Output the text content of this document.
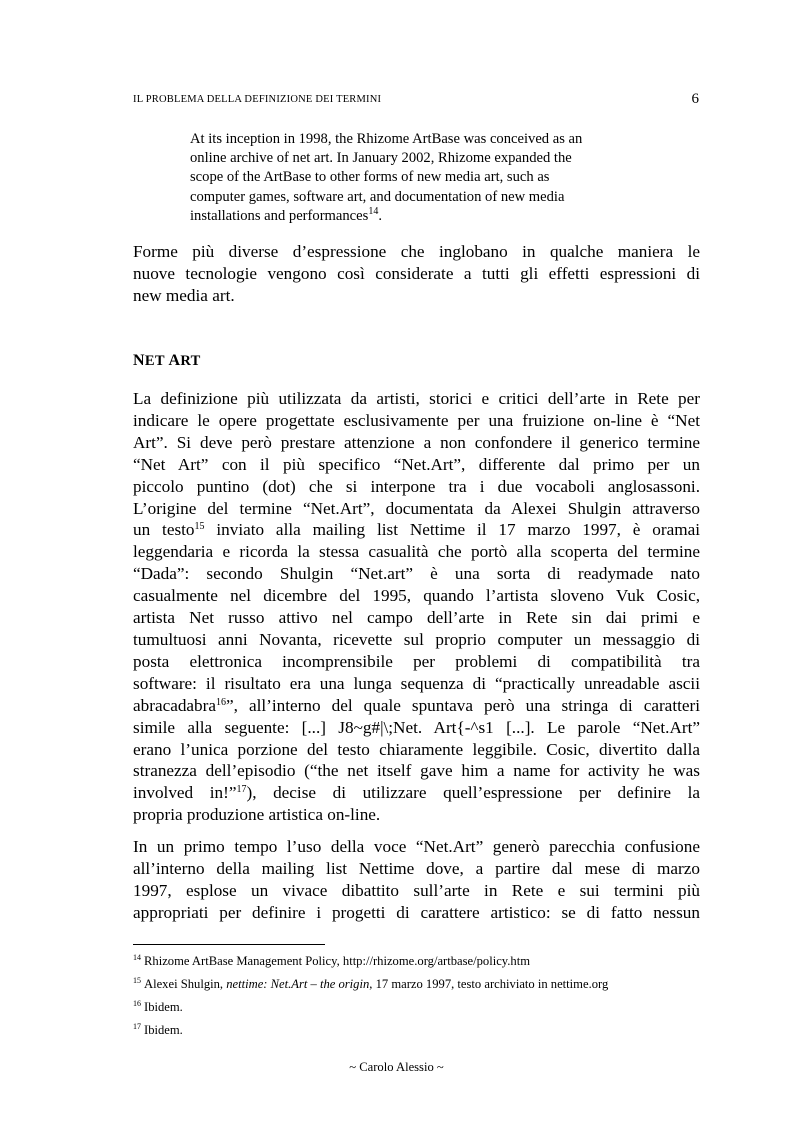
IL PROBLEMA DELLA DEFINIZIONE DEI TERMINI	6

At its inception in 1998, the Rhizome ArtBase was conceived as an

online archive of net art. In January 2002, Rhizome expanded the

scope of the ArtBase to other forms of new media art, such as

computer games, software art, and documentation of new media

installations and performances$^{14}$.

Forme più diverse d’espressione che inglobano in qualche maniera le
nuove tecnologie vengono così considerate a tutti gli effetti espressioni di
new media art.
NET ART
La definizione più utilizzata da artisti, storici e critici dell’arte in Rete per
indicare le opere progettate esclusivamente per una fruizione on-line è “Net
Art”. Si deve però prestare attenzione a non confondere il generico termine
“Net Art” con il più specifico “Net.Art”, differente dal primo per un
piccolo puntino (dot) che si interpone tra i due vocaboli anglosassoni.
L’origine del termine “Net.Art”, documentata da Alexei Shulgin attraverso
un testo$^{15}$ inviato alla mailing list Nettime il 17 marzo 1997, è oramai
leggendaria e ricorda la stessa casualità che portò alla scoperta del termine
“Dada”: secondo Shulgin “Net.art” è una sorta di readymade nato
casualmente nel dicembre del 1995, quando l’artista sloveno Vuk Cosic,
artista Net russo attivo nel campo dell’arte in Rete sin dai primi e
tumultuosi anni Novanta, ricevette sul proprio computer un messaggio di
posta elettronica incomprensibile per problemi di compatibilità tra
software: il risultato era una lunga sequenza di “practically unreadable ascii
abracadabra$^{16}$”, all’interno del quale spuntava però una stringa di caratteri
simile alla seguente: [...] J8~g#|\;Net. Art{-^s1 [...]. Le parole “Net.Art”
erano l’unica porzione del testo chiaramente leggibile. Cosic, divertito dalla
stranezza dell’episodio (“the net itself gave him a name for activity he was
involved in!”$^{17}$), decise di utilizzare quell’espressione per definire la
propria produzione artistica on-line.
In un primo tempo l’uso della voce “Net.Art” generò parecchia confusione
all’interno della mailing list Nettime dove, a partire dal mese di marzo
1997, esplose un vivace dibattito sull’arte in Rete e sui termini più
appropriati per definire i progetti di carattere artistico: se di fatto nessun
$^{14}$ Rhizome ArtBase Management Policy, http://rhizome.org/artbase/policy.htm
$^{15}$ Alexei Shulgin, nettime: Net.Art – the origin, 17 marzo 1997, testo archiviato in nettime.org
$^{16}$ Ibidem.
$^{17}$ Ibidem.
~ Carolo Alessio ~
